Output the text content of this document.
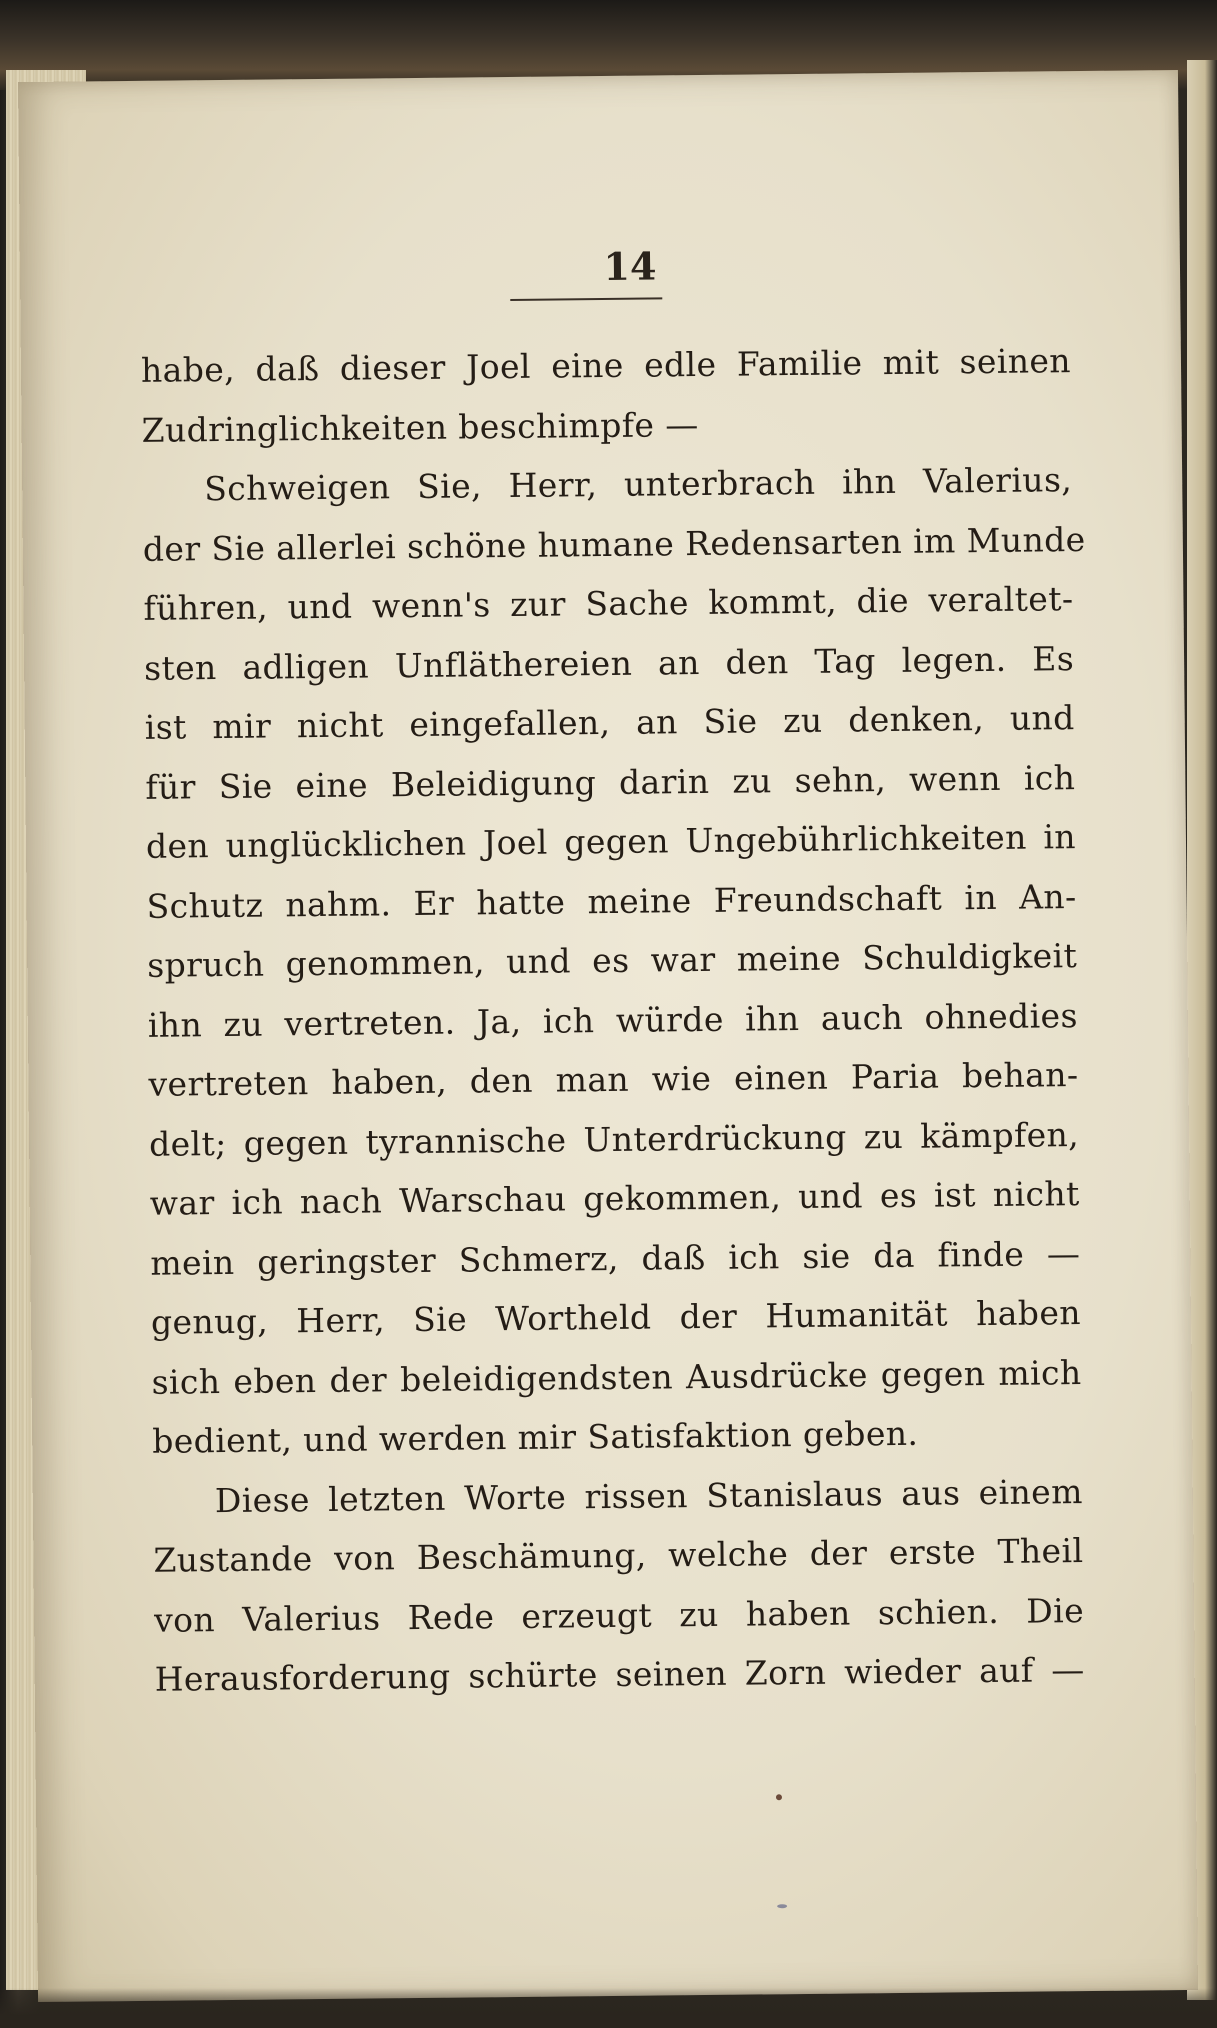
14
habe, daß dieser Joel eine edle Familie mit seinen
Zudringlichkeiten beschimpfe —
Schweigen Sie, Herr, unterbrach ihn Valerius,
der Sie allerlei schöne humane Redensarten im Munde
führen, und wenn's zur Sache kommt, die veraltet-
sten adligen Unfläthereien an den Tag legen. Es
ist mir nicht eingefallen, an Sie zu denken, und
für Sie eine Beleidigung darin zu sehn, wenn ich
den unglücklichen Joel gegen Ungebührlichkeiten in
Schutz nahm. Er hatte meine Freundschaft in An-
spruch genommen, und es war meine Schuldigkeit
ihn zu vertreten. Ja, ich würde ihn auch ohnedies
vertreten haben, den man wie einen Paria behan-
delt; gegen tyrannische Unterdrückung zu kämpfen,
war ich nach Warschau gekommen, und es ist nicht
mein geringster Schmerz, daß ich sie da finde —
genug, Herr, Sie Wortheld der Humanität haben
sich eben der beleidigendsten Ausdrücke gegen mich
bedient, und werden mir Satisfaktion geben.
Diese letzten Worte rissen Stanislaus aus einem
Zustande von Beschämung, welche der erste Theil
von Valerius Rede erzeugt zu haben schien. Die
Herausforderung schürte seinen Zorn wieder auf —
